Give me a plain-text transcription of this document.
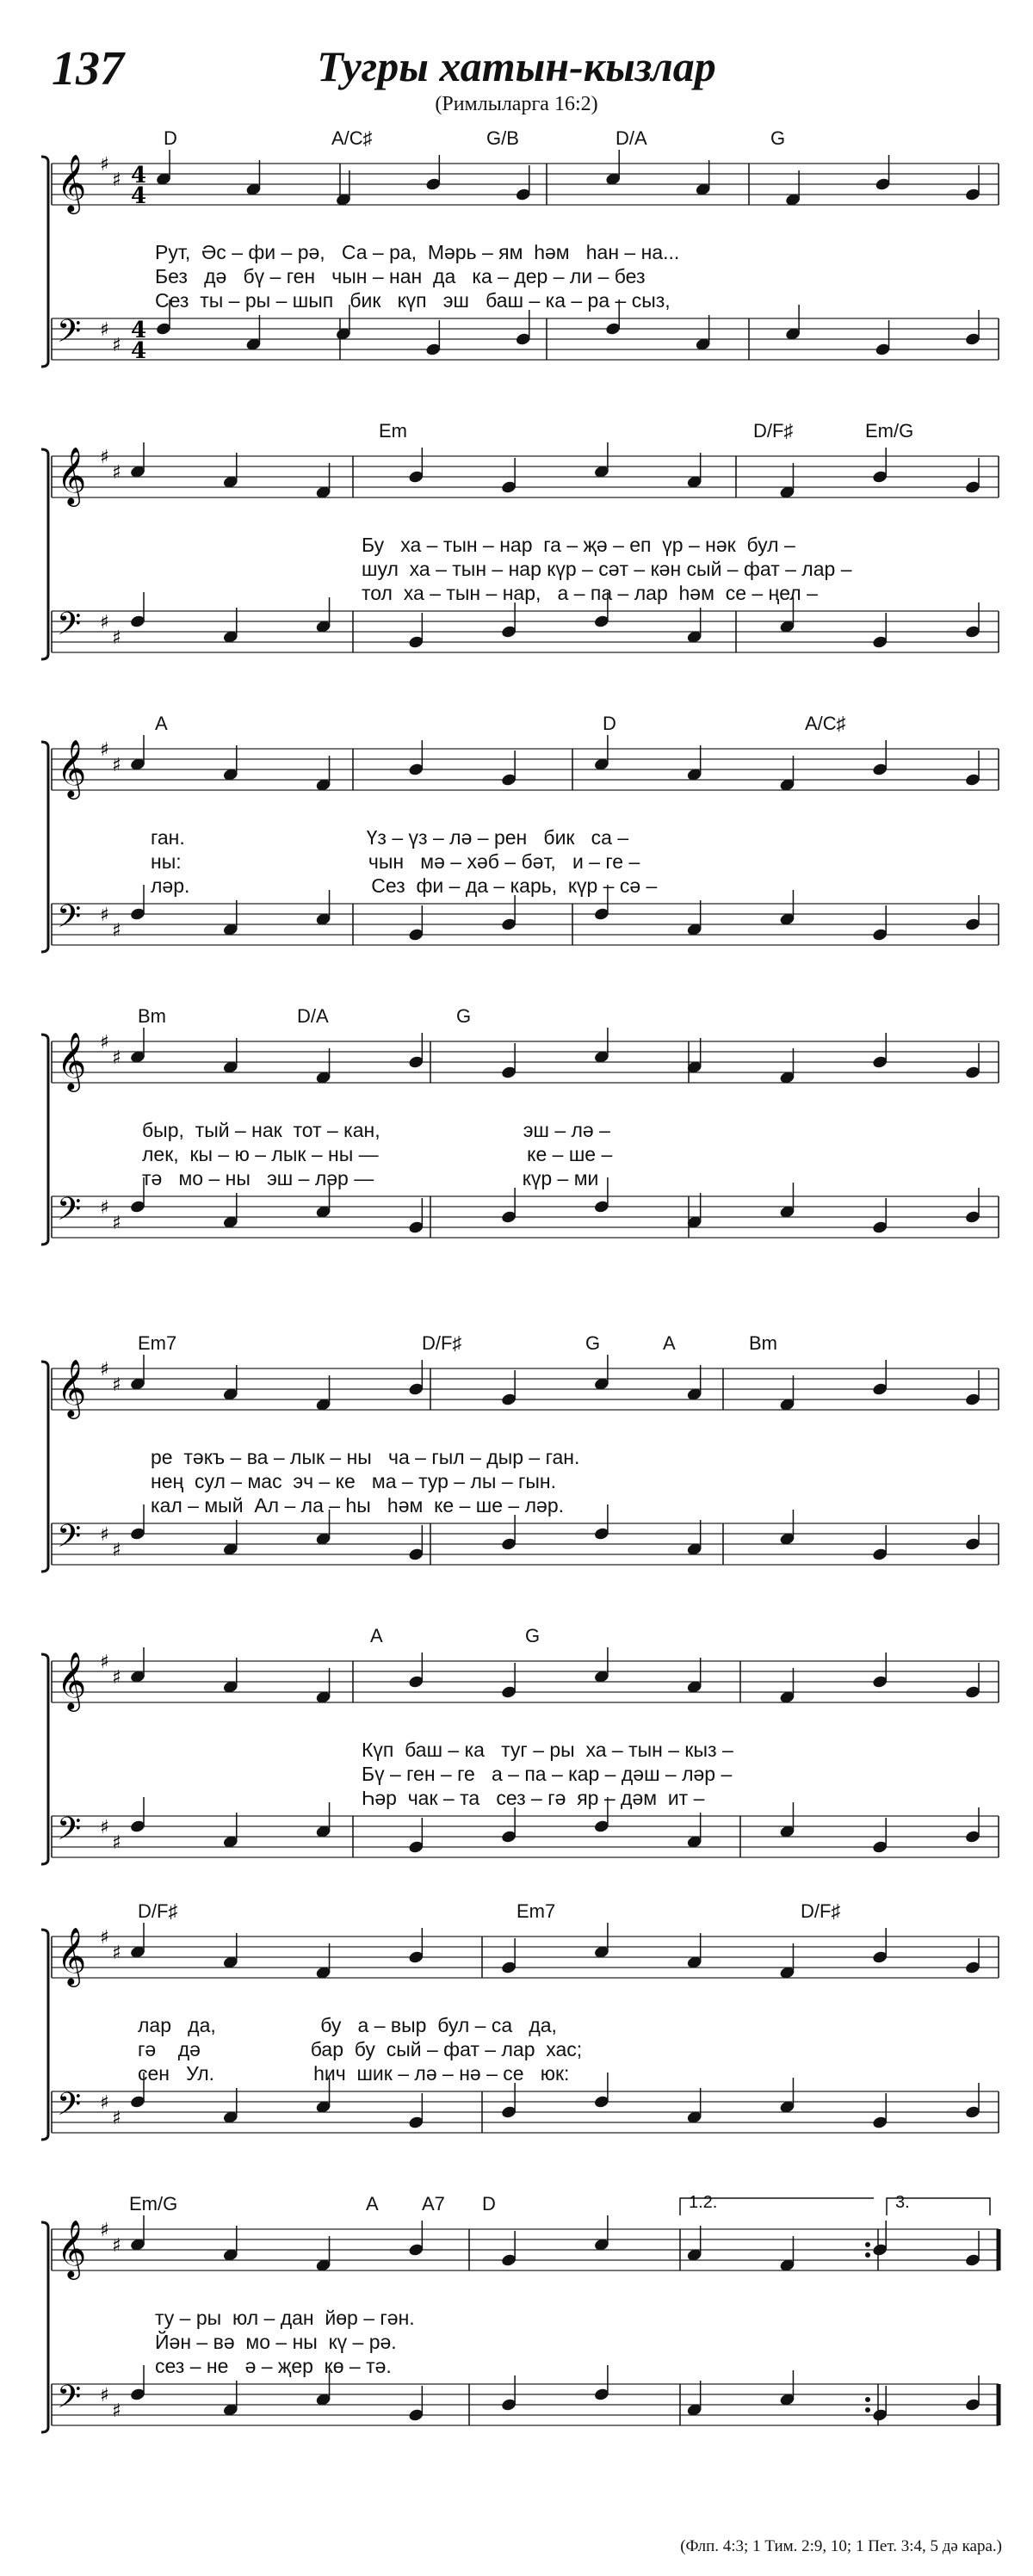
137	Тугры хатын-кызлар
(Римлыларга 16:2)
𝄞
𝄢
♯
♯
♯
♯
4
4
4
4
D	A/C♯	G/B	D/A	G
Рут,  Әс – фи – рә,   Са – ра,  Мәрь – ям  һәм   һан – на...
Без   дә   бү – ген   чын – нан  да   ка – дер – ли – без
Сез  ты – ры – шып   бик   күп   эш   баш – ка – ра – сыз,
𝄞
𝄢
♯
♯
♯
♯
Em	D/F♯	Em/G
Бу   ха – тын – нар  га – җә – еп  үр – нәк  бул –
шул  ха – тын – нар күр – сәт – кән сый – фат – лар –
тол  ха – тын – нар,   а – па – лар  һәм  се – ңел –
𝄞
𝄢
♯
♯
♯
♯
A	D	A/C♯
ган.                                 Үз – үз – лә – рен   бик   са –
ны:                                  чын   мә – хәб – бәт,   и – ге –
ләр.                                 Сез  фи – да – карь,  күр – сә –
𝄞
𝄢
♯
♯
♯
♯
Bm	D/A	G
быр,  тый – нак  тот – кан,                          эш – лә –
лек,  кы – ю – лык – ны —                           ке – ше –
тә   мо – ны   эш – ләр —                           күр – ми
𝄞
𝄢
♯
♯
♯
♯
Em7	D/F♯	G	A	Bm
ре  тәкъ – ва – лык – ны   ча – гыл – дыр – ган.
нең  сул – мас  эч – ке   ма – тур – лы – гын.
кал – мый  Ал – ла – һы   һәм  ке – ше – ләр.
𝄞
𝄢
♯
♯
♯
♯
A	G
Күп  баш – ка   туг – ры  ха – тын – кыз –
Бү – ген – ге   а – па – кар – дәш – ләр –
Һәр  чак – та   сез – гә  яр – дәм  ит –
𝄞
𝄢
♯
♯
♯
♯
D/F♯	Em7	D/F♯
лар   да,                   бу   а – выр  бул – са   да,
гә    дә                    бар  бу  сый – фат – лар  хас;
сен   Ул.                  һич  шик – лә – нә – се   юк:
𝄞
𝄢
♯
♯
♯
♯
Em/G	A A7 D	1.2.	3.
ту – ры  юл – дан  йөр – гән.
Йән – вә  мо – ны  кү – рә.
сез – не   ә – җер  кө – тә.
(Флп. 4:3; 1 Тим. 2:9, 10; 1 Пет. 3:4, 5 дә кара.)
